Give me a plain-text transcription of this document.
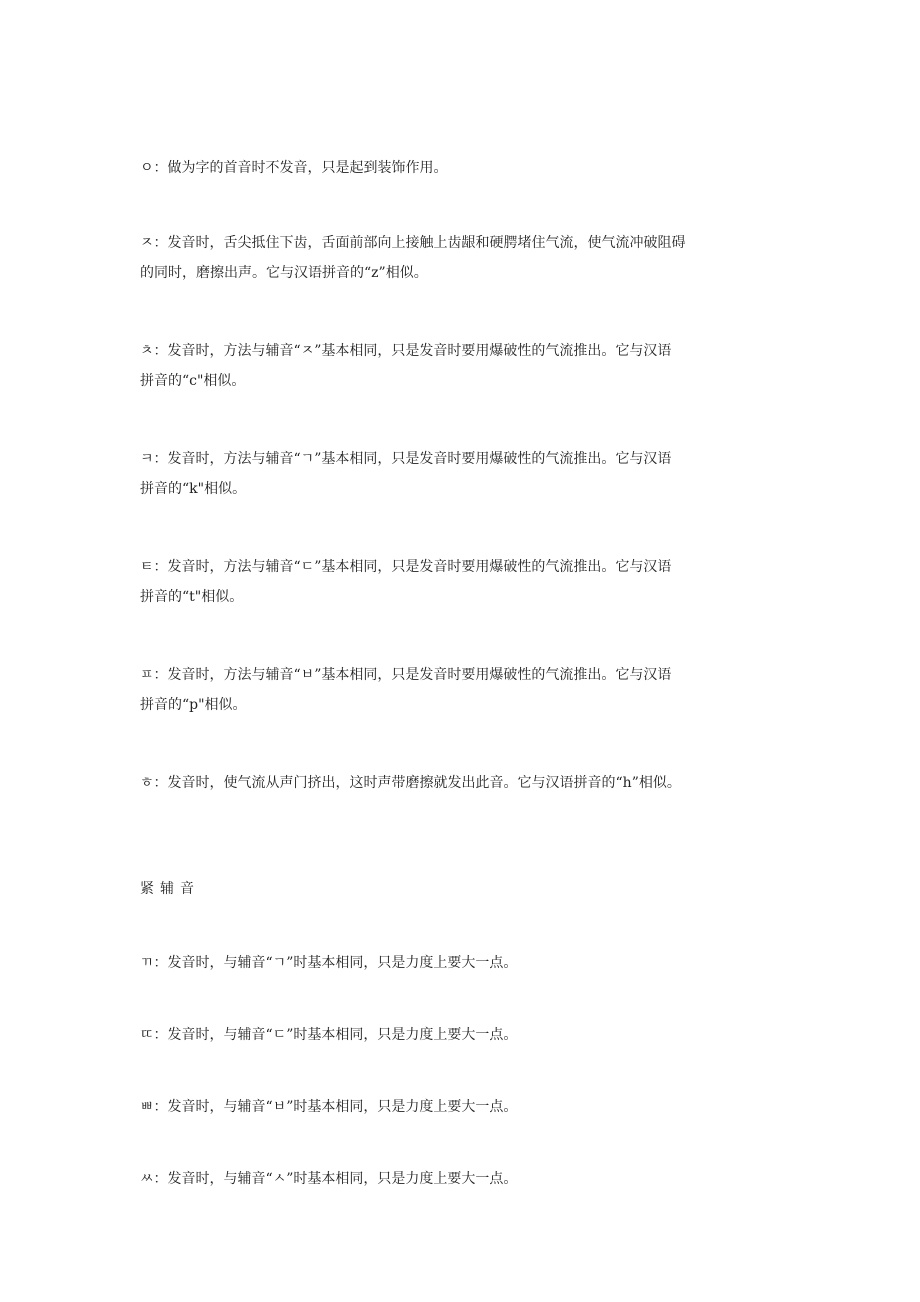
ㅇ：做为字的首音时不发音，只是起到装饰作用。
ㅈ：发音时，舌尖抵住下齿，舌面前部向上接触上齿龈和硬腭堵住气流，使气流冲破阻碍
的同时，磨擦出声。它与汉语拼音的“z”相似。
ㅊ：发音时，方法与辅音“ㅈ”基本相同，只是发音时要用爆破性的气流推出。它与汉语
拼音的“c"相似。
ㅋ：发音时，方法与辅音“ㄱ”基本相同，只是发音时要用爆破性的气流推出。它与汉语
拼音的“k"相似。
ㅌ：发音时，方法与辅音“ㄷ”基本相同，只是发音时要用爆破性的气流推出。它与汉语
拼音的“t"相似。
ㅍ：发音时，方法与辅音“ㅂ”基本相同，只是发音时要用爆破性的气流推出。它与汉语
拼音的“p"相似。
ㅎ：发音时，使气流从声门挤出，这时声带磨擦就发出此音。它与汉语拼音的“h”相似。
紧辅音
ㄲ：发音时，与辅音“ㄱ”时基本相同，只是力度上要大一点。
ㄸ：发音时，与辅音“ㄷ”时基本相同，只是力度上要大一点。
ㅃ：发音时，与辅音“ㅂ”时基本相同，只是力度上要大一点。
ㅆ：发音时，与辅音“ㅅ”时基本相同，只是力度上要大一点。
